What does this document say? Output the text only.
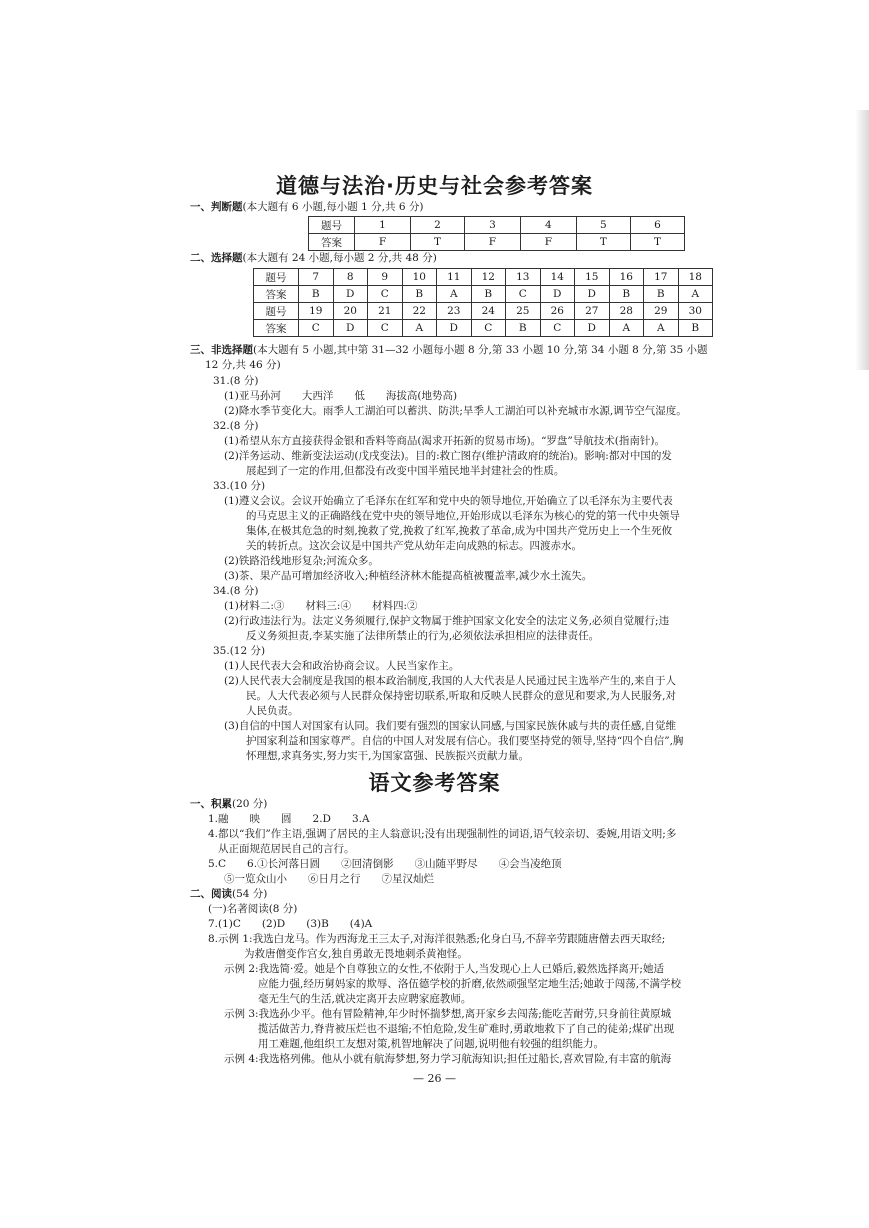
道德与法治·历史与社会参考答案
一、判断题(本大题有 6 小题,每小题 1 分,共 6 分)
题号	1	2	3	4	5	6
答案	F	T	F	F	T	T
二、选择题(本大题有 24 小题,每小题 2 分,共 48 分)
题号	7	8	9	10	11	12	13	14	15	16	17	18
答案	B	D	C	B	A	B	C	D	D	B	B	A
题号	19	20	21	22	23	24	25	26	27	28	29	30
答案	C	D	C	A	D	C	B	C	D	A	A	B
三、非选择题(本大题有 5 小题,其中第 31—32 小题每小题 8 分,第 33 小题 10 分,第 34 小题 8 分,第 35 小题
12 分,共 46 分)
31.(8 分)
(1)亚马孙河　　大西洋　　低　　海拔高(地势高)
(2)降水季节变化大。雨季人工湖泊可以蓄洪、防洪;旱季人工湖泊可以补充城市水源,调节空气湿度。
32.(8 分)
(1)希望从东方直接获得金银和香料等商品(渴求开拓新的贸易市场)。“罗盘”导航技术(指南针)。
(2)洋务运动、维新变法运动(戊戌变法)。目的:救亡图存(维护清政府的统治)。影响:都对中国的发
展起到了一定的作用,但都没有改变中国半殖民地半封建社会的性质。
33.(10 分)
(1)遵义会议。会议开始确立了毛泽东在红军和党中央的领导地位,开始确立了以毛泽东为主要代表
的马克思主义的正确路线在党中央的领导地位,开始形成以毛泽东为核心的党的第一代中央领导
集体,在极其危急的时刻,挽救了党,挽救了红军,挽救了革命,成为中国共产党历史上一个生死攸
关的转折点。这次会议是中国共产党从幼年走向成熟的标志。四渡赤水。
(2)铁路沿线地形复杂;河流众多。
(3)茶、果产品可增加经济收入;种植经济林木能提高植被覆盖率,减少水土流失。
34.(8 分)
(1)材料二:③　　材料三:④　　材料四:②
(2)行政违法行为。法定义务须履行,保护文物属于维护国家文化安全的法定义务,必须自觉履行;违
反义务须担责,李某实施了法律所禁止的行为,必须依法承担相应的法律责任。
35.(12 分)
(1)人民代表大会和政治协商会议。人民当家作主。
(2)人民代表大会制度是我国的根本政治制度,我国的人大代表是人民通过民主选举产生的,来自于人
民。人大代表必须与人民群众保持密切联系,听取和反映人民群众的意见和要求,为人民服务,对
人民负责。
(3)自信的中国人对国家有认同。我们要有强烈的国家认同感,与国家民族休戚与共的责任感,自觉维
护国家利益和国家尊严。自信的中国人对发展有信心。我们要坚持党的领导,坚持“四个自信”,胸
怀理想,求真务实,努力实干,为国家富强、民族振兴贡献力量。
语文参考答案
一、积累(20 分)
1.融　　映　　圆　　2.D　　3.A
4.都以“我们”作主语,强调了居民的主人翁意识;没有出现强制性的词语,语气较亲切、委婉,用语文明;多
从正面规范居民自己的言行。
5.C　　6.①长河落日圆　　②回清倒影　　③山随平野尽　　④会当凌绝顶
⑤一览众山小　　⑥日月之行　　⑦星汉灿烂
二、阅读(54 分)
(一)名著阅读(8 分)
7.(1)C　　(2)D　　(3)B　　(4)A
8.示例 1:我选白龙马。作为西海龙王三太子,对海洋很熟悉;化身白马,不辞辛劳跟随唐僧去西天取经;
为救唐僧变作宫女,独自勇敢无畏地刺杀黄袍怪。
示例 2:我选简·爱。她是个自尊独立的女性,不依附于人,当发现心上人已婚后,毅然选择离开;她适
应能力强,经历舅妈家的欺辱、洛伍德学校的折磨,依然顽强坚定地生活;她敢于闯荡,不满学校
毫无生气的生活,就决定离开去应聘家庭教师。
示例 3:我选孙少平。他有冒险精神,年少时怀揣梦想,离开家乡去闯荡;能吃苦耐劳,只身前往黄原城
揽活做苦力,脊背被压烂也不退缩;不怕危险,发生矿难时,勇敢地救下了自己的徒弟;煤矿出现
用工难题,他组织工友想对策,机智地解决了问题,说明他有较强的组织能力。
示例 4:我选格列佛。他从小就有航海梦想,努力学习航海知识;担任过船长,喜欢冒险,有丰富的航海
— 26 —
